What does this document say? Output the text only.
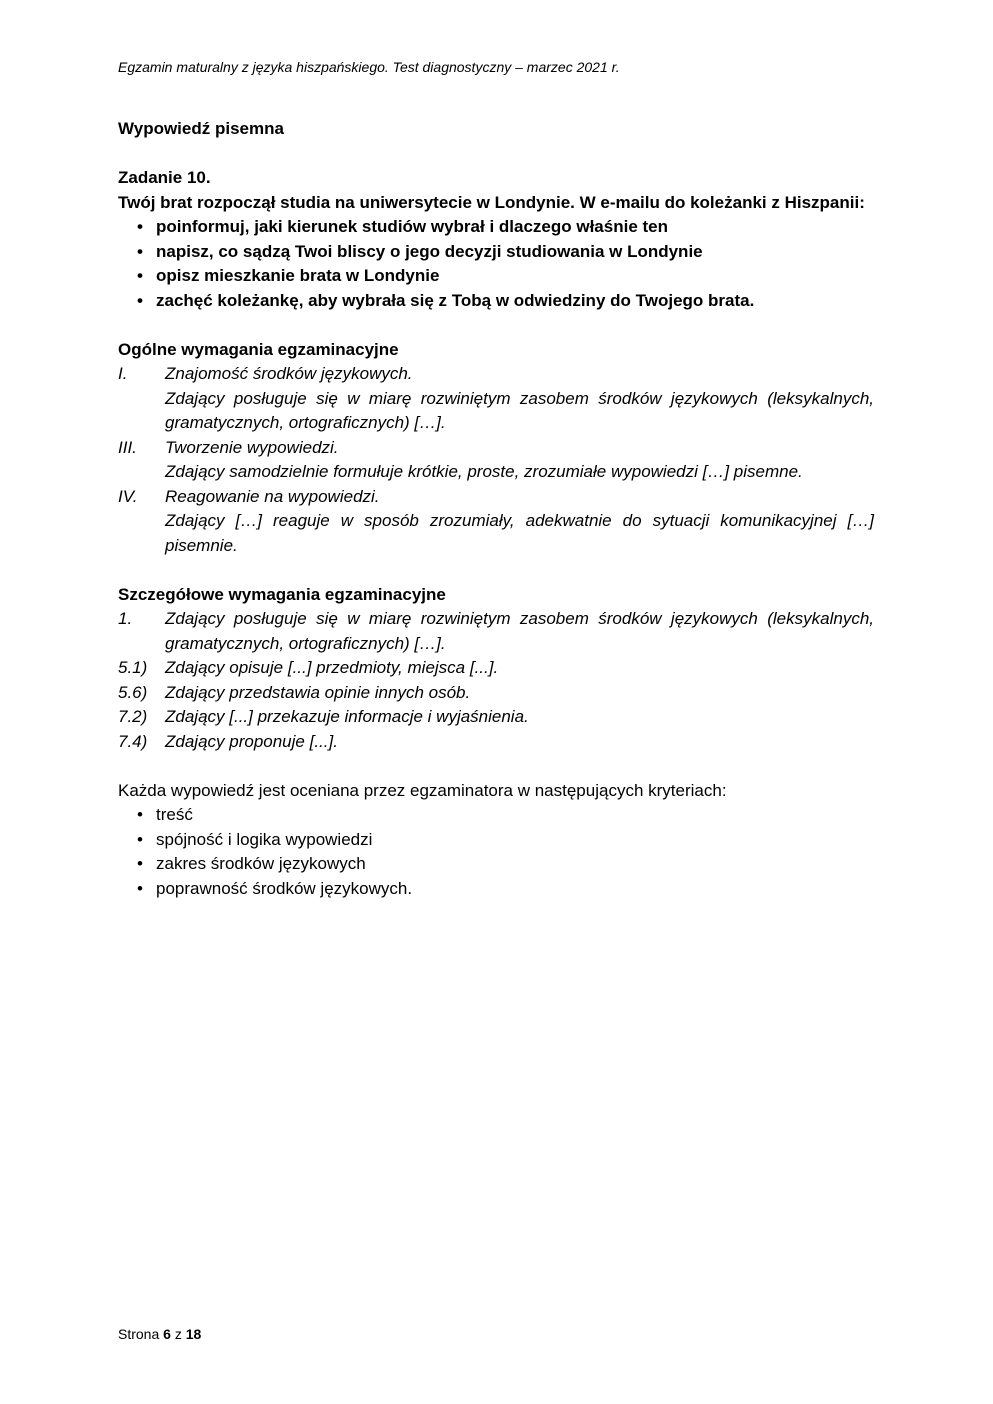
Egzamin maturalny z języka hiszpańskiego. Test diagnostyczny – marzec 2021 r.

Wypowiedź pisemna

Zadanie 10.

Twój brat rozpoczął studia na uniwersytecie w Londynie. W e-mailu do koleżanki z Hiszpanii:

• poinformuj, jaki kierunek studiów wybrał i dlaczego właśnie ten
• napisz, co sądzą Twoi bliscy o jego decyzji studiowania w Londynie
• opisz mieszkanie brata w Londynie
• zachęć koleżankę, aby wybrała się z Tobą w odwiedziny do Twojego brata.

Ogólne wymagania egzaminacyjne

I.	Znajomość środków językowych.
Zdający posługuje się w miarę rozwiniętym zasobem środków językowych (leksykalnych, gramatycznych, ortograficznych) […].
III.	Tworzenie wypowiedzi.
Zdający samodzielnie formułuje krótkie, proste, zrozumiałe wypowiedzi […] pisemne.
IV.	Reagowanie na wypowiedzi.
Zdający […] reaguje w sposób zrozumiały, adekwatnie do sytuacji komunikacyjnej […] pisemnie.

Szczegółowe wymagania egzaminacyjne

1.	Zdający posługuje się w miarę rozwiniętym zasobem środków językowych (leksykalnych, gramatycznych, ortograficznych) […].
5.1)	Zdający opisuje [...] przedmioty, miejsca [...].
5.6)	Zdający przedstawia opinie innych osób.
7.2)	Zdający [...] przekazuje informacje i wyjaśnienia.
7.4)	Zdający proponuje [...].

Każda wypowiedź jest oceniana przez egzaminatora w następujących kryteriach:

• treść
• spójność i logika wypowiedzi
• zakres środków językowych
• poprawność środków językowych.
Strona 6 z 18
